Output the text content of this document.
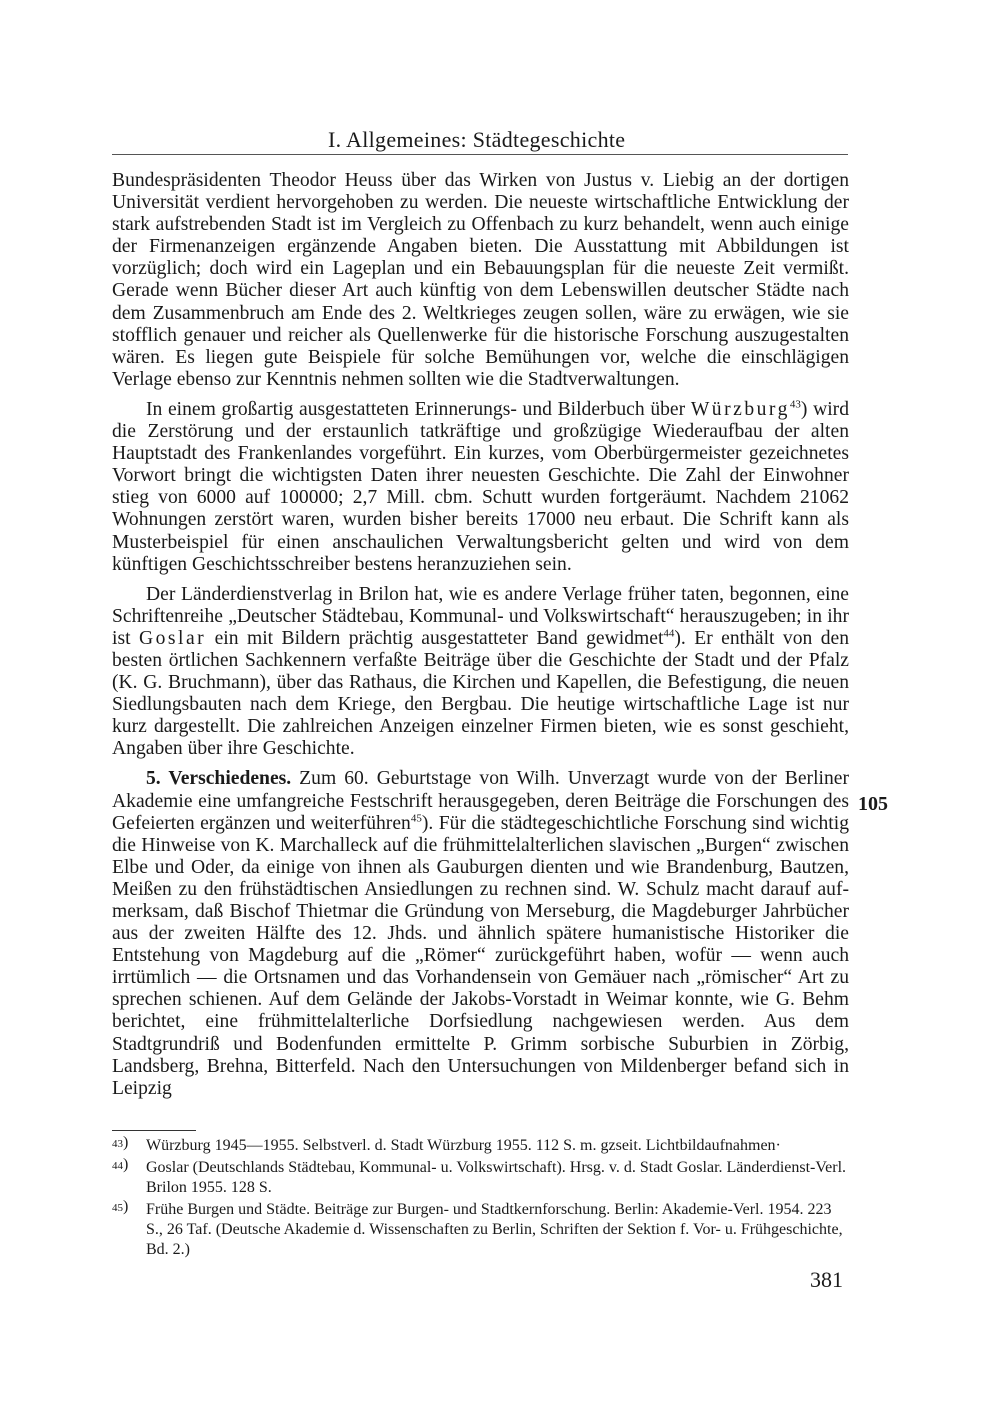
I. Allgemeines: Städtegeschichte

Bundespräsidenten Theodor Heuss über das Wirken von Justus v. Liebig an der dortigen Universität verdient hervorgehoben zu werden. Die neueste wirtschaftliche Entwicklung der stark aufstrebenden Stadt ist im Vergleich zu Offenbach zu kurz behandelt, wenn auch einige der Firmenanzeigen ergänzende Angaben bieten. Die Ausstattung mit Abbildungen ist vorzüglich; doch wird ein Lageplan und ein Bebauungsplan für die neueste Zeit vermißt. Gerade wenn Bücher dieser Art auch künftig von dem Lebenswillen deutscher Städte nach dem Zusammenbruch am Ende des 2. Weltkrieges zeugen sollen, wäre zu erwägen, wie sie stofflich genauer und reicher als Quellenwerke für die historische Forschung auszugestalten wären. Es liegen gute Beispiele für solche Bemühungen vor, welche die einschlägigen Verlage ebenso zur Kenntnis nehmen sollten wie die Stadtverwaltungen.

In einem großartig ausgestatteten Erinnerungs- und Bilderbuch über Würzburg$^{43}$) wird die Zerstörung und der erstaunlich tatkräftige und großzügige Wiederaufbau der alten Hauptstadt des Frankenlandes vorgeführt. Ein kurzes, vom Oberbürgermeister gezeichnetes Vorwort bringt die wichtigsten Daten ihrer neuesten Geschichte. Die Zahl der Einwohner stieg von 6000 auf 100000; 2,7 Mill. cbm. Schutt wurden fortgeräumt. Nachdem 21062 Wohnungen zerstört waren, wurden bisher bereits 17000 neu erbaut. Die Schrift kann als Musterbeispiel für einen anschaulichen Verwaltungsbericht gelten und wird von dem künftigen Geschichtsschreiber bestens heranzuziehen sein.

Der Länderdienstverlag in Brilon hat, wie es andere Verlage früher taten, begonnen, eine Schriftenreihe „Deutscher Städtebau, Kommunal- und Volkswirtschaft“ herauszugeben; in ihr ist Goslar ein mit Bildern prächtig ausgestatteter Band gewidmet$^{44}$). Er enthält von den besten örtlichen Sachkennern verfaßte Beiträge über die Geschichte der Stadt und der Pfalz (K. G. Bruchmann), über das Rathaus, die Kirchen und Kapellen, die Befestigung, die neuen Siedlungsbauten nach dem Kriege, den Bergbau. Die heutige wirtschaftliche Lage ist nur kurz dargestellt. Die zahlreichen Anzeigen einzelner Firmen bieten, wie es sonst geschieht, Angaben über ihre Geschichte.

5. Verschiedenes. Zum 60. Geburtstage von Wilh. Unverzagt wurde von der Berliner Akademie eine umfangreiche Festschrift herausgegeben, deren Beiträge die Forschungen des Gefeierten ergänzen und weiterführen$^{45}$). Für die städtegeschichtliche Forschung sind wichtig die Hinweise von K. Marchalleck auf die frühmittelalterlichen slavischen „Burgen“ zwischen Elbe und Oder, da einige von ihnen als Gauburgen dienten und wie Brandenburg, Bautzen, Meißen zu den frühstädtischen Ansiedlungen zu rechnen sind. W. Schulz macht darauf aufmerksam, daß Bischof Thietmar die Gründung von Merseburg, die Magdeburger Jahrbücher aus der zweiten Hälfte des 12. Jhds. und ähnlich spätere humanistische Historiker die Entstehung von Magdeburg auf die „Römer“ zurückgeführt haben, wofür — wenn auch irrtümlich — die Ortsnamen und das Vorhandensein von Gemäuer nach „römischer“ Art zu sprechen schienen. Auf dem Gelände der Jakobs-Vorstadt in Weimar konnte, wie G. Behm berichtet, eine frühmittelalterliche Dorfsiedlung nachgewiesen werden. Aus dem Stadtgrundriß und Bodenfunden ermittelte P. Grimm sorbische Suburbien in Zörbig, Landsberg, Brehna, Bitterfeld. Nach den Untersuchungen von Mildenberger befand sich in Leipzig

105
43) Würzburg 1945—1955. Selbstverl. d. Stadt Würzburg 1955. 112 S. m. gzseit. Lichtbildaufnahmen·
44) Goslar (Deutschlands Städtebau, Kommunal- u. Volkswirtschaft). Hrsg. v. d. Stadt Goslar. Länderdienst-Verl. Brilon 1955. 128 S.
45) Frühe Burgen und Städte. Beiträge zur Burgen- und Stadtkernforschung. Berlin: Akademie-Verl. 1954. 223 S., 26 Taf. (Deutsche Akademie d. Wissenschaften zu Berlin, Schriften der Sektion f. Vor- u. Frühgeschichte, Bd. 2.)
381
